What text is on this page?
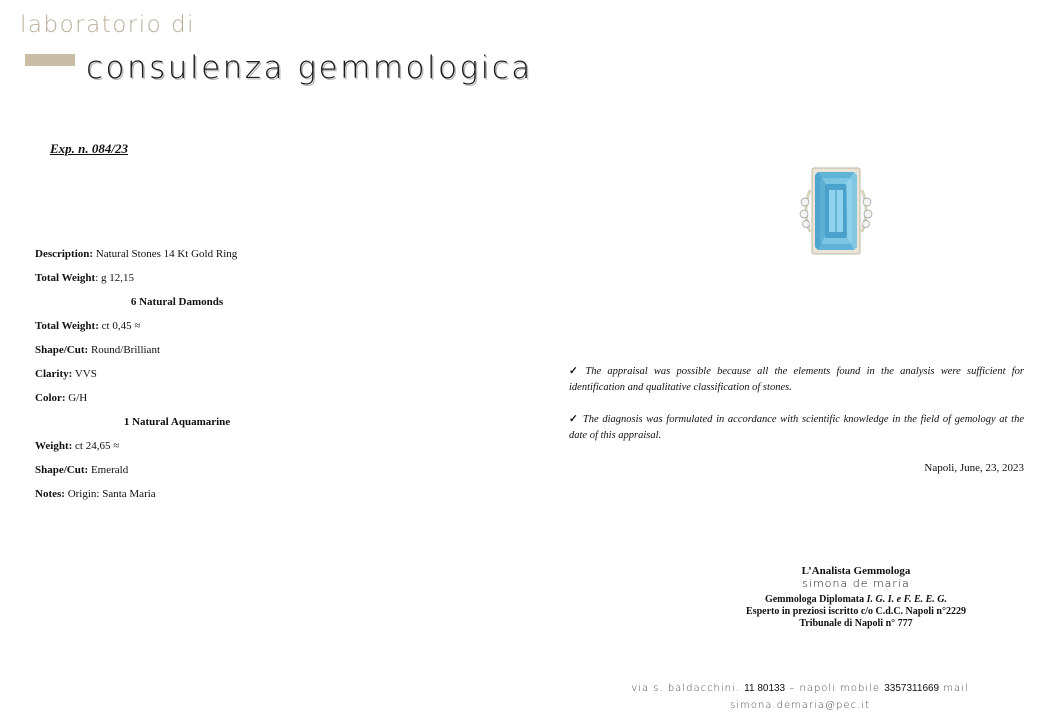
laboratorio di
consulenza gemmologica
Exp. n. 084/23
Description: Natural Stones 14 Kt Gold Ring
Total Weight: g 12,15
6 Natural Damonds
Total Weight: ct 0,45 ≈
Shape/Cut: Round/Brilliant
Clarity: VVS
Color: G/H
1 Natural Aquamarine
Weight: ct 24,65 ≈
Shape/Cut: Emerald
Notes: Origin: Santa Maria

✓ The appraisal was possible because all the elements found in the analysis were sufficient for identification and qualitative classification of stones.

✓ The diagnosis was formulated in accordance with scientific knowledge in the field of gemology at the date of this appraisal.

Napoli, June, 23, 2023
L’Analista Gemmologa
simona de maria
Gemmologa Diplomata I. G. I. e F. E. E. G.
Esperto in preziosi iscritto c/o C.d.C. Napoli n°2229
Tribunale di Napoli n° 777
via s. baldacchini. 11 80133 – napoli mobile 3357311669 mail
simona.demaria@pec.it
